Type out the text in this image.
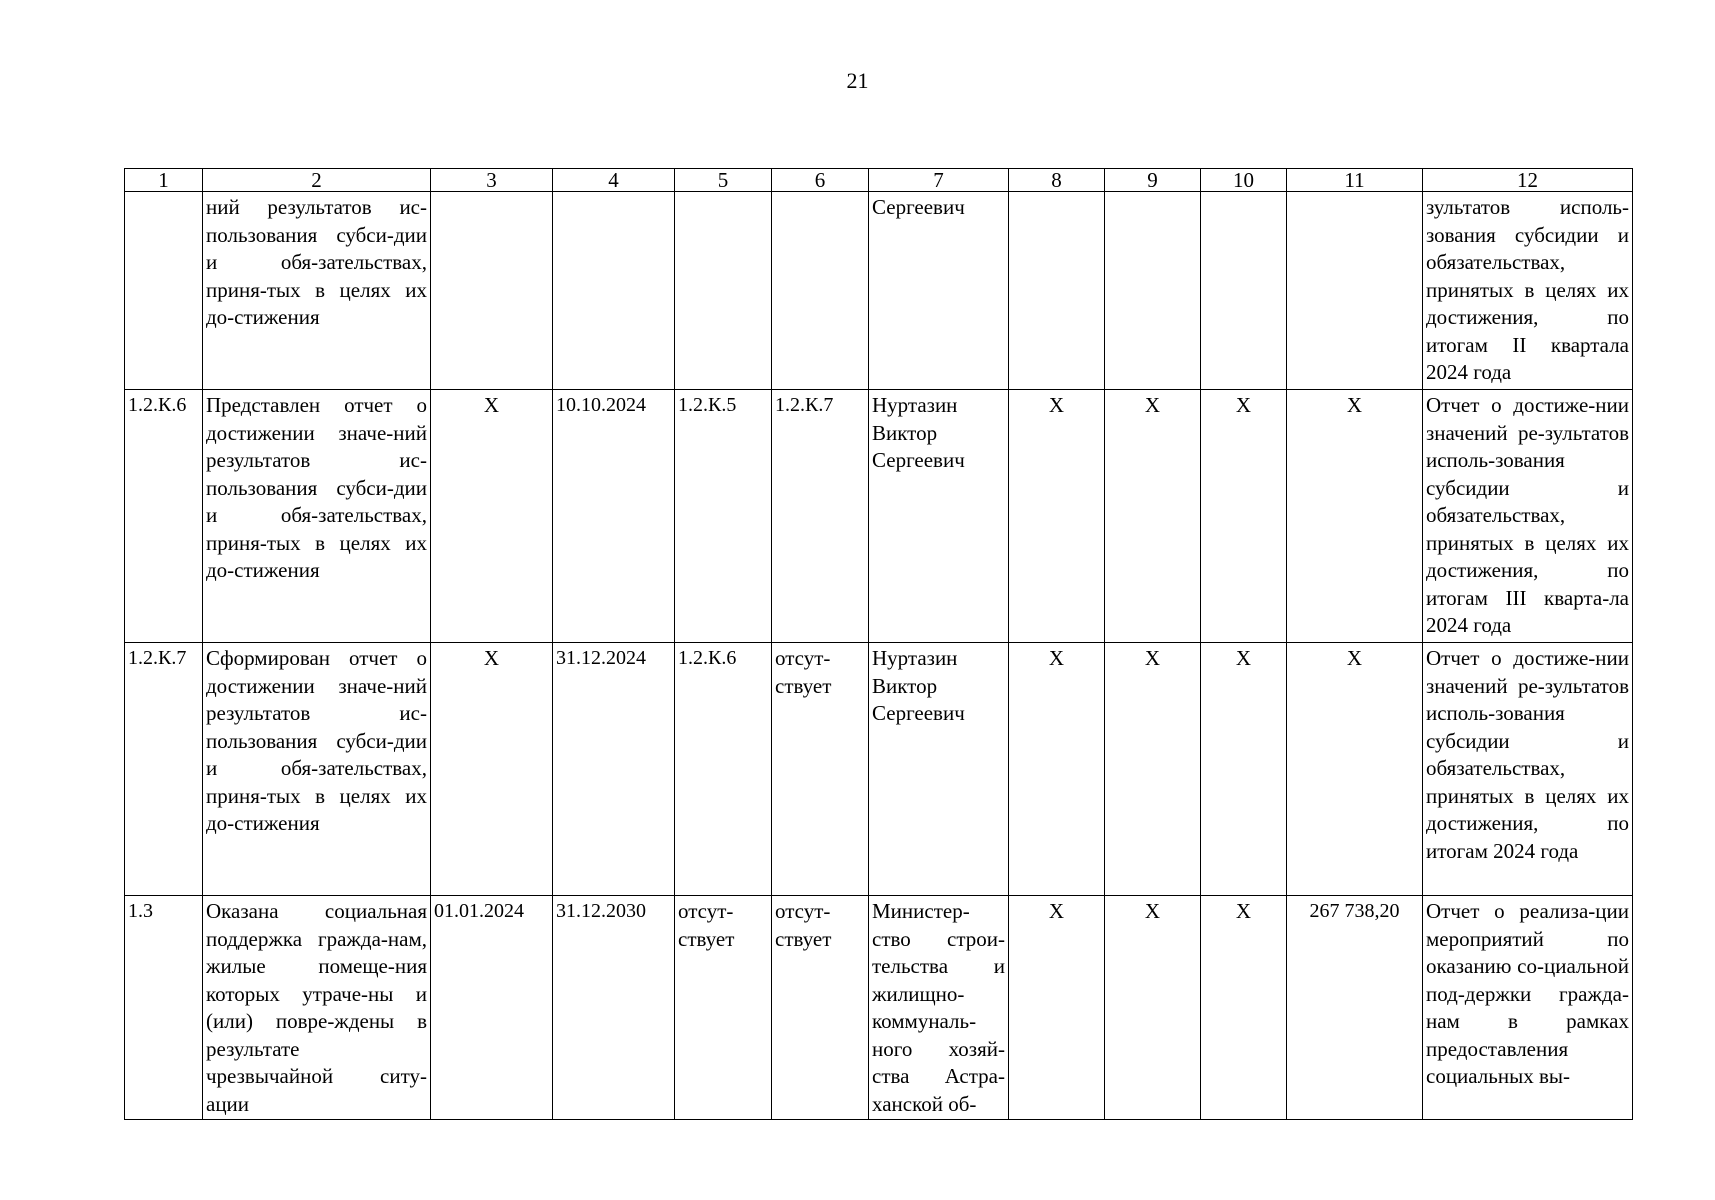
21
1	2	3	4	5	6	7	8	9	10	11	12
	ний результатов ис-пользования субси-дии и обя-зательствах, приня-тых в целях их до-стижения					Сергеевич					зультатов исполь-зования субсидии и обязательствах, принятых в целях их достижения, по итогам II квартала 2024 года
1.2.К.6	Представлен отчет о достижении значе-ний результатов ис-пользования субси-дии и обя-зательствах, приня-тых в целях их до-стижения	X	10.10.2024	1.2.К.5	1.2.К.7	Нуртазин Виктор Сергеевич	X	X	X	X	Отчет о достиже-нии значений ре-зультатов исполь-зования субсидии и обязательствах, принятых в целях их достижения, по итогам III кварта-ла 2024 года
1.2.К.7	Сформирован отчет о достижении значе-ний результатов ис-пользования субси-дии и обя-зательствах, приня-тых в целях их до-стижения	X	31.12.2024	1.2.К.6	отсут-ствует	Нуртазин Виктор Сергеевич	X	X	X	X	Отчет о достиже-нии значений ре-зультатов исполь-зования субсидии и обязательствах, принятых в целях их достижения, по итогам 2024 года
1.3	Оказана социальная поддержка гражда-нам, жилые помеще-ния которых утраче-ны и (или) повре-ждены в результате чрезвычайной ситу-ации	01.01.2024	31.12.2030	отсут-ствует	отсут-ствует	Министер-ство строи-тельства и жилищно-коммуналь-ного хозяй-ства Астра-ханской об-	X	X	X	267 738,20	Отчет о реализа-ции мероприятий по оказанию со-циальной под-держки гражда-нам в рамках предоставления социальных вы-
